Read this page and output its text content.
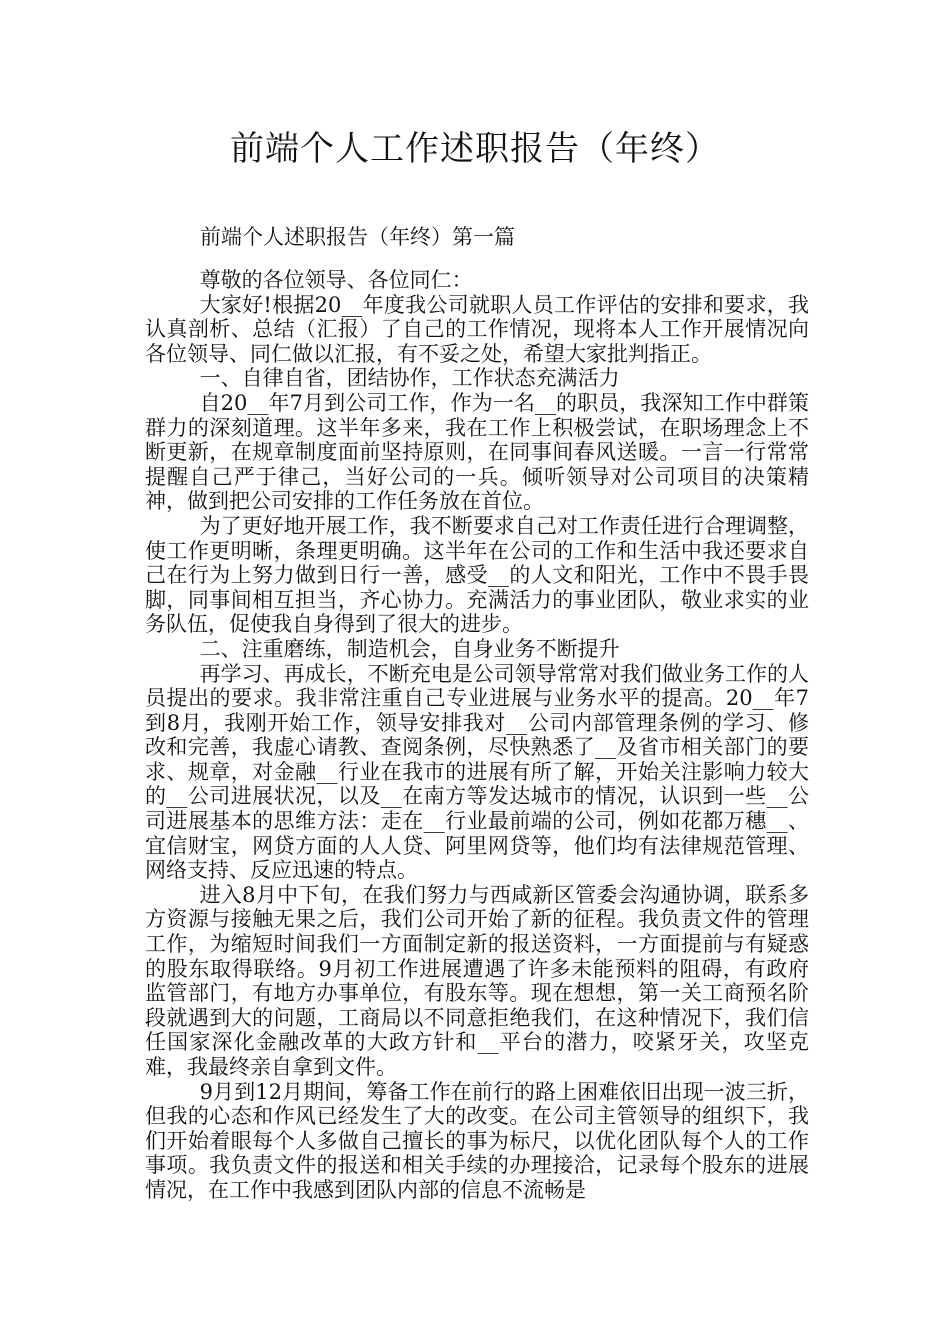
前端个人工作述职报告（年终）

前端个人述职报告（年终）第一篇

尊敬的各位领导、各位同仁：

大家好!根据20__年度我公司就职人员工作评估的安排和要求，我认真剖析、总结（汇报）了自己的工作情况，现将本人工作开展情况向各位领导、同仁做以汇报，有不妥之处，希望大家批判指正。

一、自律自省，团结协作，工作状态充满活力

自20__年7月到公司工作，作为一名__的职员，我深知工作中群策群力的深刻道理。这半年多来，我在工作上积极尝试，在职场理念上不断更新，在规章制度面前坚持原则，在同事间春风送暖。一言一行常常提醒自己严于律己，当好公司的一兵。倾听领导对公司项目的决策精神，做到把公司安排的工作任务放在首位。

为了更好地开展工作，我不断要求自己对工作责任进行合理调整，使工作更明晰，条理更明确。这半年在公司的工作和生活中我还要求自己在行为上努力做到日行一善，感受__的人文和阳光，工作中不畏手畏脚，同事间相互担当，齐心协力。充满活力的事业团队，敬业求实的业务队伍，促使我自身得到了很大的进步。

二、注重磨练，制造机会，自身业务不断提升

再学习、再成长，不断充电是公司领导常常对我们做业务工作的人员提出的要求。我非常注重自己专业进展与业务水平的提高。20__年7到8月，我刚开始工作，领导安排我对__公司内部管理条例的学习、修改和完善，我虚心请教、查阅条例，尽快熟悉了__及省市相关部门的要求、规章，对金融__行业在我市的进展有所了解，开始关注影响力较大的__公司进展状况，以及__在南方等发达城市的情况，认识到一些__公司进展基本的思维方法：走在__行业最前端的公司，例如花都万穗__、宜信财宝，网贷方面的人人贷、阿里网贷等，他们均有法律规范管理、网络支持、反应迅速的特点。

进入8月中下旬，在我们努力与西咸新区管委会沟通协调，联系多方资源与接触无果之后，我们公司开始了新的征程。我负责文件的管理工作，为缩短时间我们一方面制定新的报送资料，一方面提前与有疑惑的股东取得联络。9月初工作进展遭遇了许多未能预料的阻碍，有政府监管部门，有地方办事单位，有股东等。现在想想，第一关工商预名阶段就遇到大的问题，工商局以不同意拒绝我们，在这种情况下，我们信任国家深化金融改革的大政方针和__平台的潜力，咬紧牙关，攻坚克难，我最终亲自拿到文件。

9月到12月期间，筹备工作在前行的路上困难依旧出现一波三折，但我的心态和作风已经发生了大的改变。在公司主管领导的组织下，我们开始着眼每个人多做自己擅长的事为标尺，以优化团队每个人的工作事项。我负责文件的报送和相关手续的办理接洽，记录每个股东的进展情况，在工作中我感到团队内部的信息不流畅是
